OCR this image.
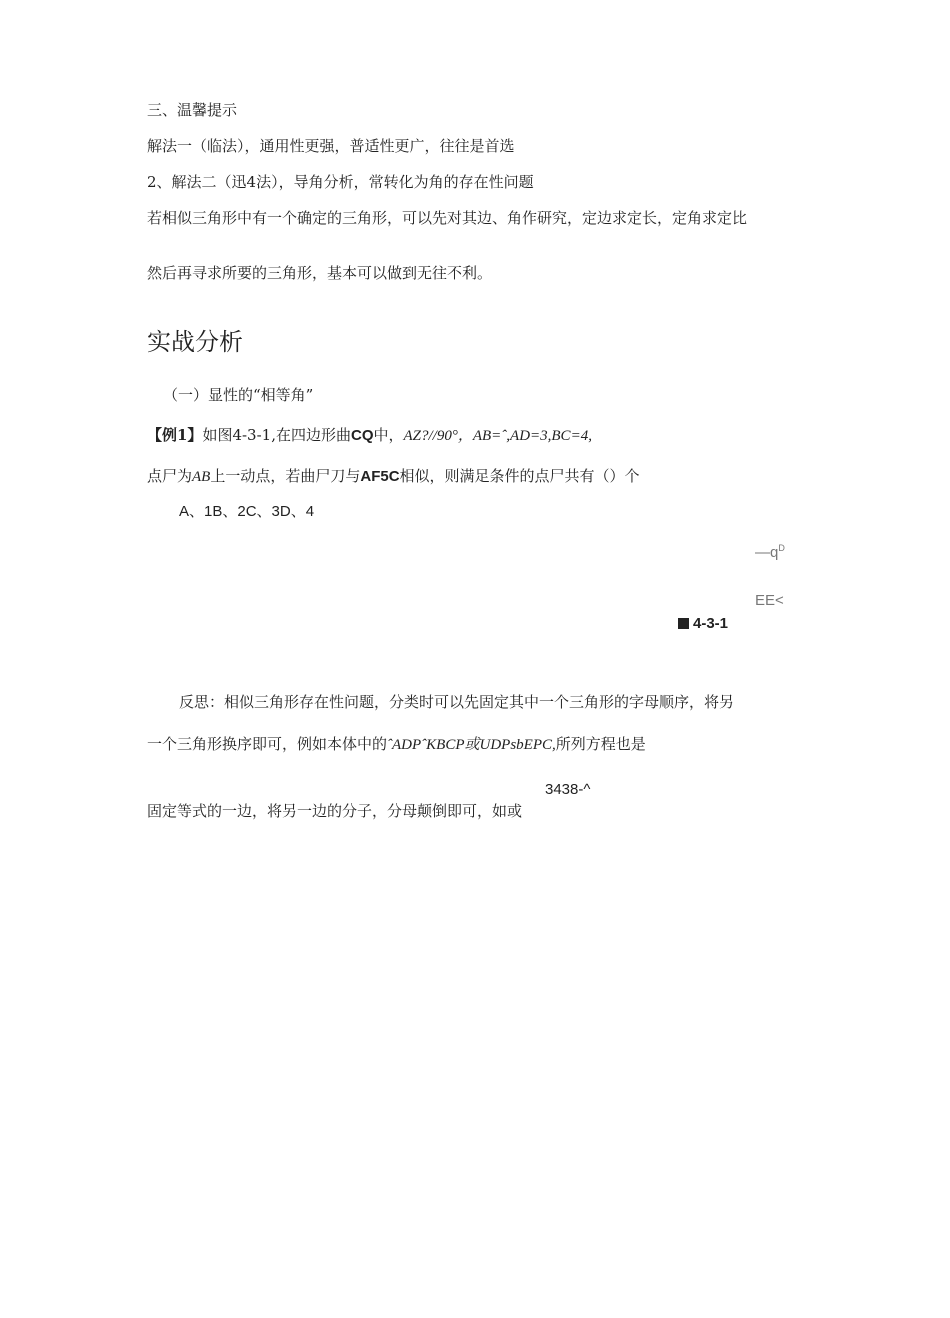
三、温馨提示
解法一（临法），通用性更强，普适性更广，往往是首选
2、解法二（迅4法），导角分析，常转化为角的存在性问题
若相似三角形中有一个确定的三角形，可以先对其边、角作研究，定边求定长，定角求定比
然后再寻求所要的三角形，基本可以做到无往不利。
实战分析
（一）显性的“相等角”
【例1】如图4-3-1,在四边形曲CQ中，AZ?//90°，AB=ˆ,AD=3,BC=4,
点尸为AB上一动点，若曲尸刀与AF5C相似，则满足条件的点尸共有（）个
A、1B、2C、3D、4
$—q^D$
EE<
4-3-1
反思：相似三角形存在性问题，分类时可以先固定其中一个三角形的字母顺序，将另
一个三角形换序即可，例如本体中的ˆADPˆKBCP或UDPsbEPC,所列方程也是
3438-^
固定等式的一边，将另一边的分子，分母颠倒即可，如或
